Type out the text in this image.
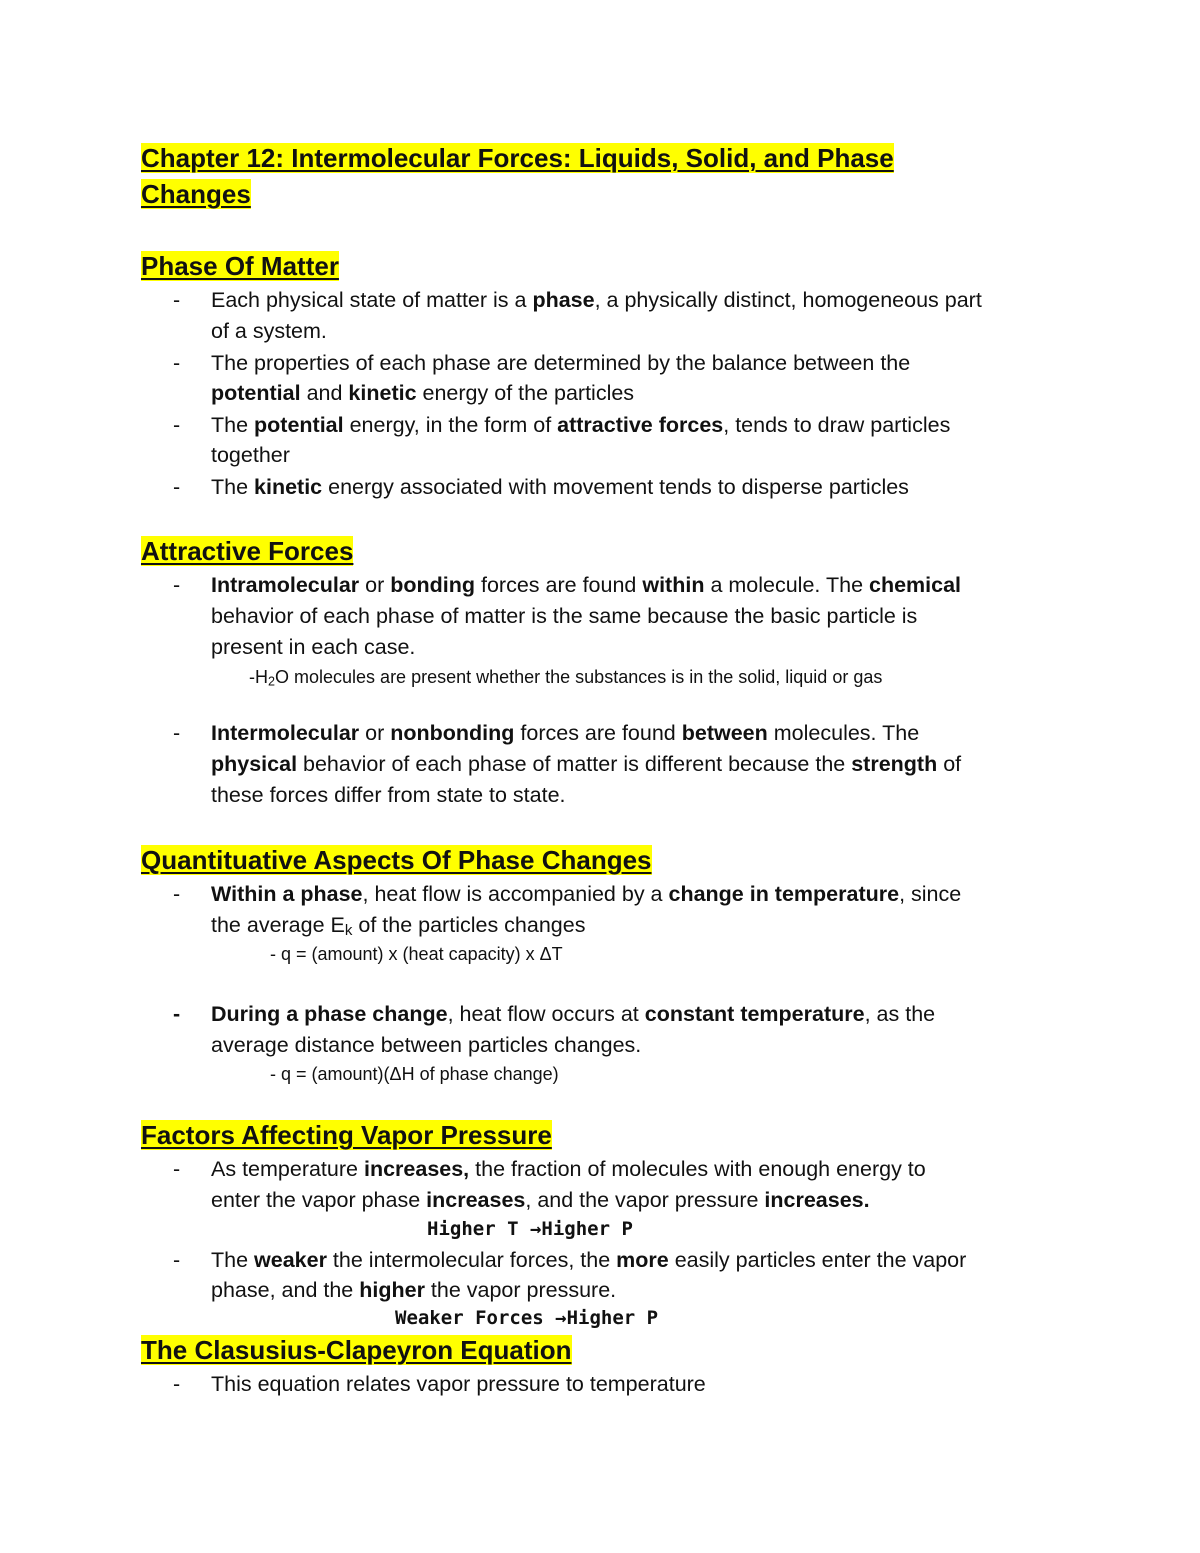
Chapter 12: Intermolecular Forces: Liquids, Solid, and Phase
Changes
Phase Of Matter
- Each physical state of matter is a phase, a physically distinct, homogeneous part
of a system.
- The properties of each phase are determined by the balance between the
potential and kinetic energy of the particles
- The potential energy, in the form of attractive forces, tends to draw particles
together
- The kinetic energy associated with movement tends to disperse particles
Attractive Forces
- Intramolecular or bonding forces are found within a molecule. The chemical
behavior of each phase of matter is the same because the basic particle is
present in each case.
$-H_2O$ molecules are present whether the substances is in the solid, liquid or gas
- Intermolecular or nonbonding forces are found between molecules. The
physical behavior of each phase of matter is different because the strength of
these forces differ from state to state.
Quantituative Aspects Of Phase Changes
- Within a phase, heat flow is accompanied by a change in temperature, since
the average $E_k$ of the particles changes
- q = (amount) x (heat capacity) x ΔT
- During a phase change, heat flow occurs at constant temperature, as the
average distance between particles changes.
- q = (amount)(ΔH of phase change)
Factors Affecting Vapor Pressure
- As temperature increases, the fraction of molecules with enough energy to
enter the vapor phase increases, and the vapor pressure increases.
Higher T →Higher P
- The weaker the intermolecular forces, the more easily particles enter the vapor
phase, and the higher the vapor pressure.
Weaker Forces →Higher P
The Clasusius-Clapeyron Equation
- This equation relates vapor pressure to temperature
